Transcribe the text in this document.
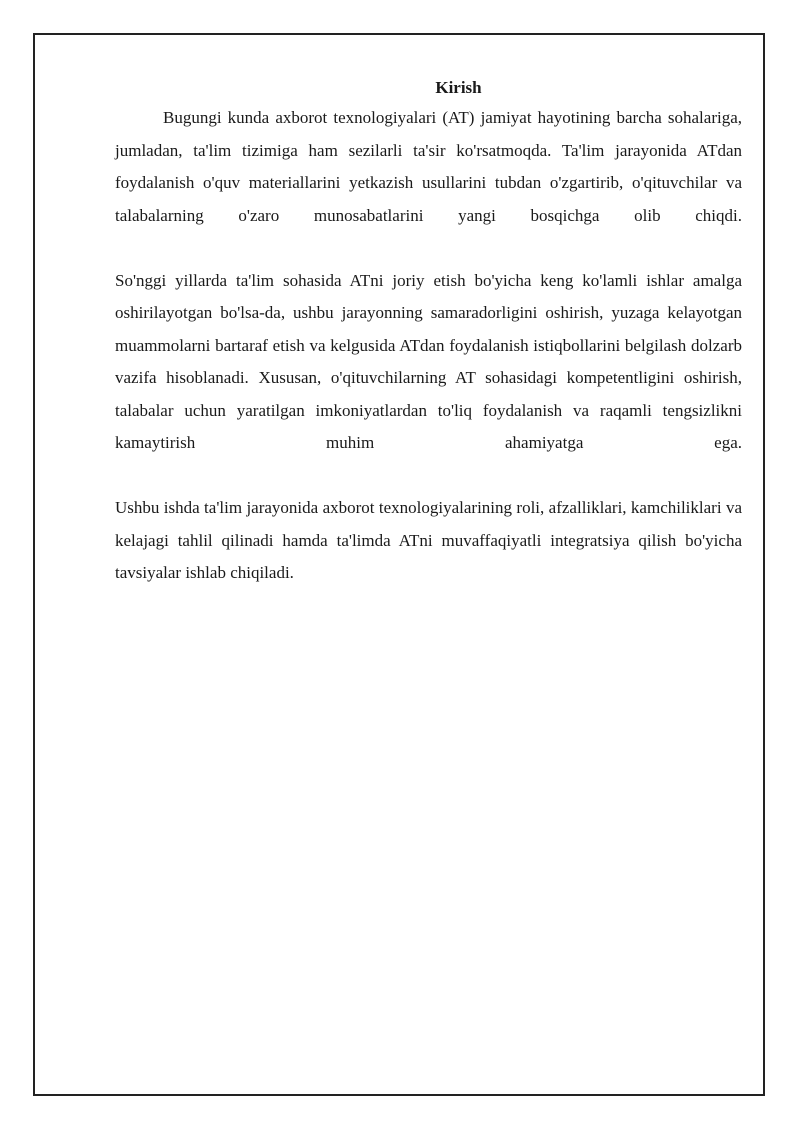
Kirish

Bugungi kunda axborot texnologiyalari (AT) jamiyat hayotining barcha sohalariga, jumladan, ta'lim tizimiga ham sezilarli ta'sir ko'rsatmoqda. Ta'lim jarayonida ATdan foydalanish o'quv materiallarini yetkazish usullarini tubdan o'zgartirib, o'qituvchilar va talabalarning o'zaro munosabatlarini yangi bosqichga olib chiqdi.

So'nggi yillarda ta'lim sohasida ATni joriy etish bo'yicha keng ko'lamli ishlar amalga oshirilayotgan bo'lsa-da, ushbu jarayonning samaradorligini oshirish, yuzaga kelayotgan muammolarni bartaraf etish va kelgusida ATdan foydalanish istiqbollarini belgilash dolzarb vazifa hisoblanadi. Xususan, o'qituvchilarning AT sohasidagi kompetentligini oshirish, talabalar uchun yaratilgan imkoniyatlardan to'liq foydalanish va raqamli tengsizlikni kamaytirish muhim ahamiyatga ega.

Ushbu ishda ta'lim jarayonida axborot texnologiyalarining roli, afzalliklari, kamchiliklari va kelajagi tahlil qilinadi hamda ta'limda ATni muvaffaqiyatli integratsiya qilish bo'yicha tavsiyalar ishlab chiqiladi.
